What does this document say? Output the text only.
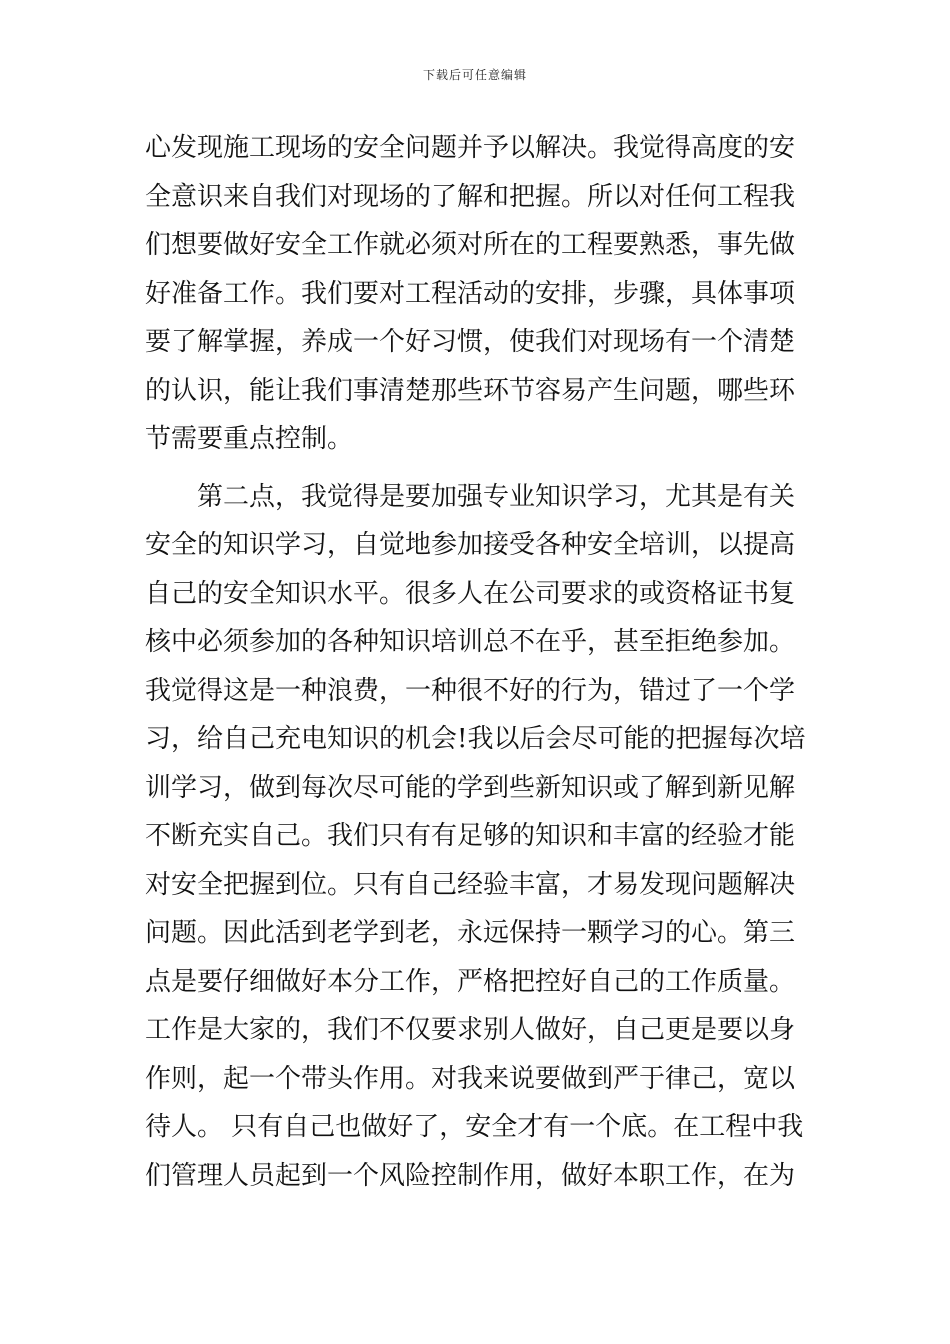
下载后可任意编辑
心发现施工现场的安全问题并予以解决。我觉得高度的安
全意识来自我们对现场的了解和把握。所以对任何工程我
们想要做好安全工作就必须对所在的工程要熟悉，事先做
好准备工作。我们要对工程活动的安排，步骤，具体事项
要了解掌握，养成一个好习惯，使我们对现场有一个清楚
的认识，能让我们事清楚那些环节容易产生问题，哪些环
节需要重点控制。
　　第二点，我觉得是要加强专业知识学习，尤其是有关
安全的知识学习，自觉地参加接受各种安全培训，以提高
自己的安全知识水平。很多人在公司要求的或资格证书复
核中必须参加的各种知识培训总不在乎，甚至拒绝参加。
我觉得这是一种浪费，一种很不好的行为，错过了一个学
习，给自己充电知识的机会!我以后会尽可能的把握每次培
训学习，做到每次尽可能的学到些新知识或了解到新见解
不断充实自己。我们只有有足够的知识和丰富的经验才能
对安全把握到位。只有自己经验丰富，才易发现问题解决
问题。因此活到老学到老，永远保持一颗学习的心。第三
点是要仔细做好本分工作，严格把控好自己的工作质量。
工作是大家的，我们不仅要求别人做好，自己更是要以身
作则，起一个带头作用。对我来说要做到严于律己，宽以
待人。 只有自己也做好了，安全才有一个底。在工程中我
们管理人员起到一个风险控制作用，做好本职工作，在为
